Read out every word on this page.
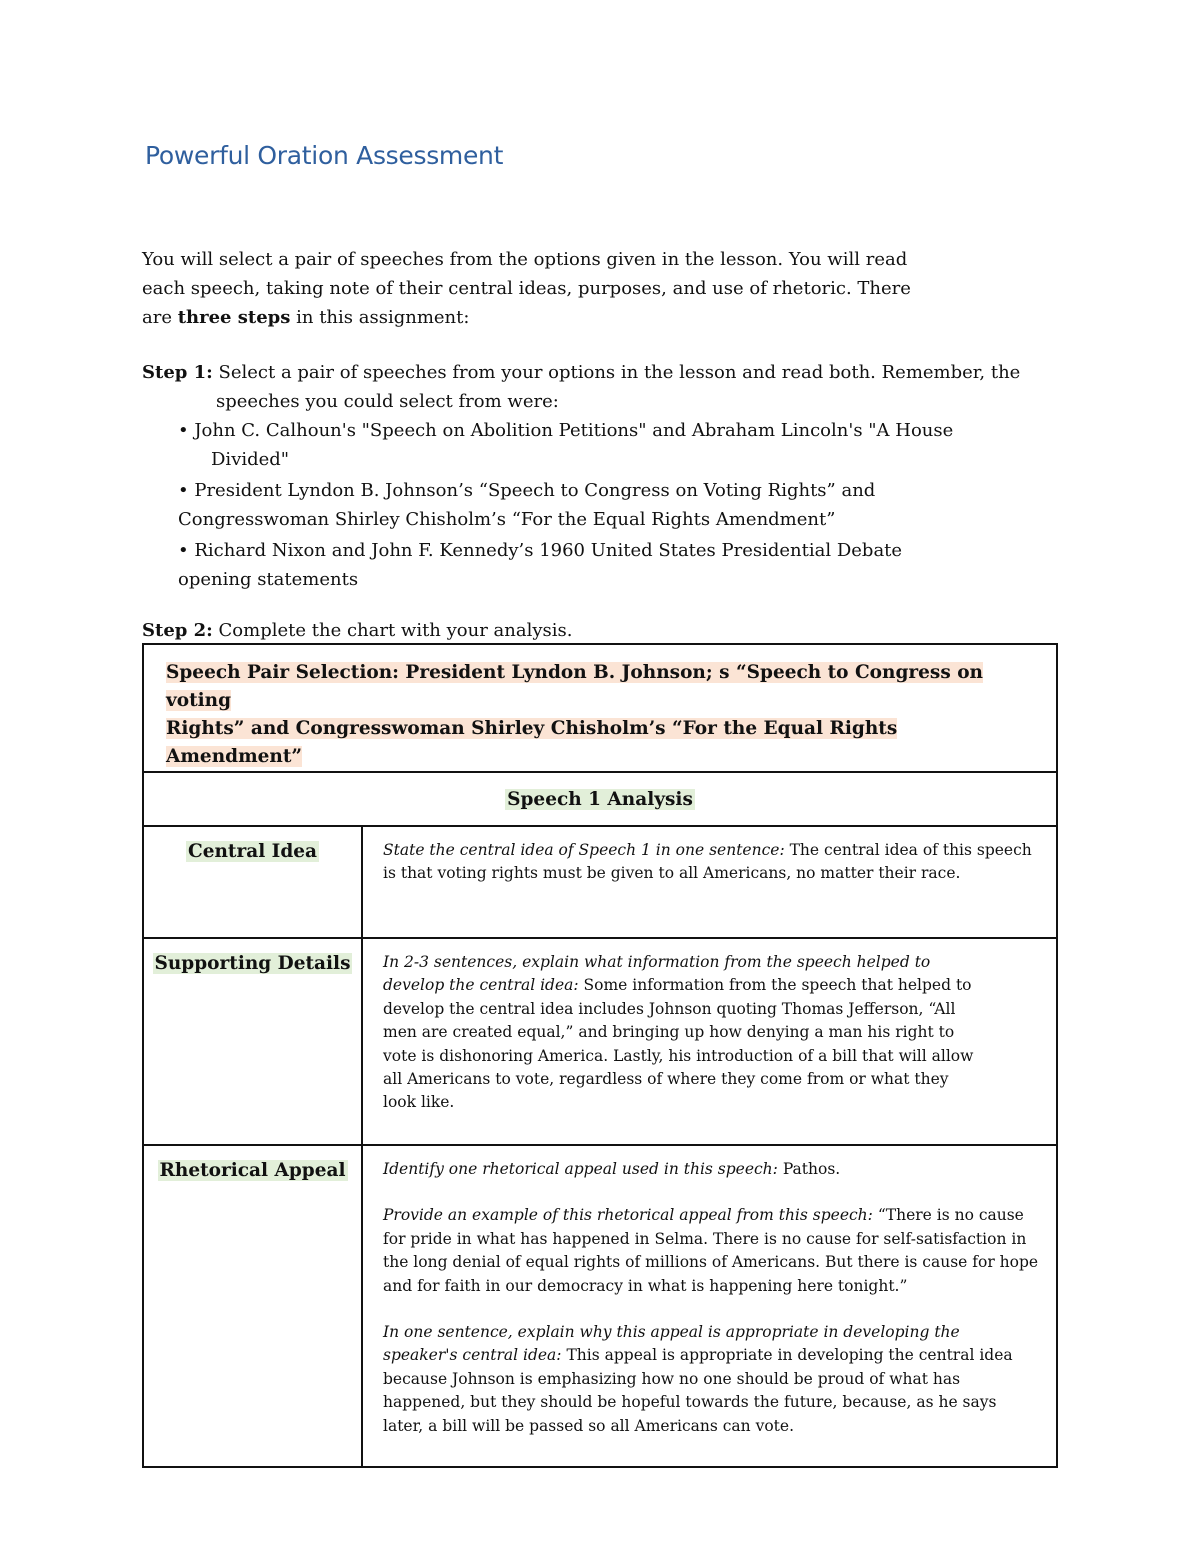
Powerful Oration Assessment

You will select a pair of speeches from the options given in the lesson. You will read

each speech, taking note of their central ideas, purposes, and use of rhetoric. There

are three steps in this assignment:

Step 1: Select a pair of speeches from your options in the lesson and read both. Remember, the

speeches you could select from were:

• John C. Calhoun's "Speech on Abolition Petitions" and Abraham Lincoln's "A House
Divided"
• President Lyndon B. Johnson’s “Speech to Congress on Voting Rights” and
Congresswoman Shirley Chisholm’s “For the Equal Rights Amendment”
• Richard Nixon and John F. Kennedy’s 1960 United States Presidential Debate
opening statements
Step 2: Complete the chart with your analysis.
Speech Pair Selection: President Lyndon B. Johnson; s “Speech to Congress on voting
Rights” and Congresswoman Shirley Chisholm’s “For the Equal Rights Amendment”	
Speech 1 Analysis	
Central Idea	State the central idea of Speech 1 in one sentence: The central idea of this speech is that voting rights must be given to all Americans, no matter their race.

Supporting Details	In 2-3 sentences, explain what information from the speech helped to develop the central idea: Some information from the speech that helped to develop the central idea includes Johnson quoting Thomas Jefferson, “All men are created equal,” and bringing up how denying a man his right to vote is dishonoring America. Lastly, his introduction of a bill that will allow all Americans to vote, regardless of where they come from or what they look like.

Rhetorical Appeal	Identify one rhetorical appeal used in this speech: Pathos.

Provide an example of this rhetorical appeal from this speech: “There is no cause for pride in what has happened in Selma. There is no cause for self-satisfaction in the long denial of equal rights of millions of Americans. But there is cause for hope and for faith in our democracy in what is happening here tonight.”

In one sentence, explain why this appeal is appropriate in developing the speaker's central idea: This appeal is appropriate in developing the central idea because Johnson is emphasizing how no one should be proud of what has happened, but they should be hopeful towards the future, because, as he says later, a bill will be passed so all Americans can vote.
